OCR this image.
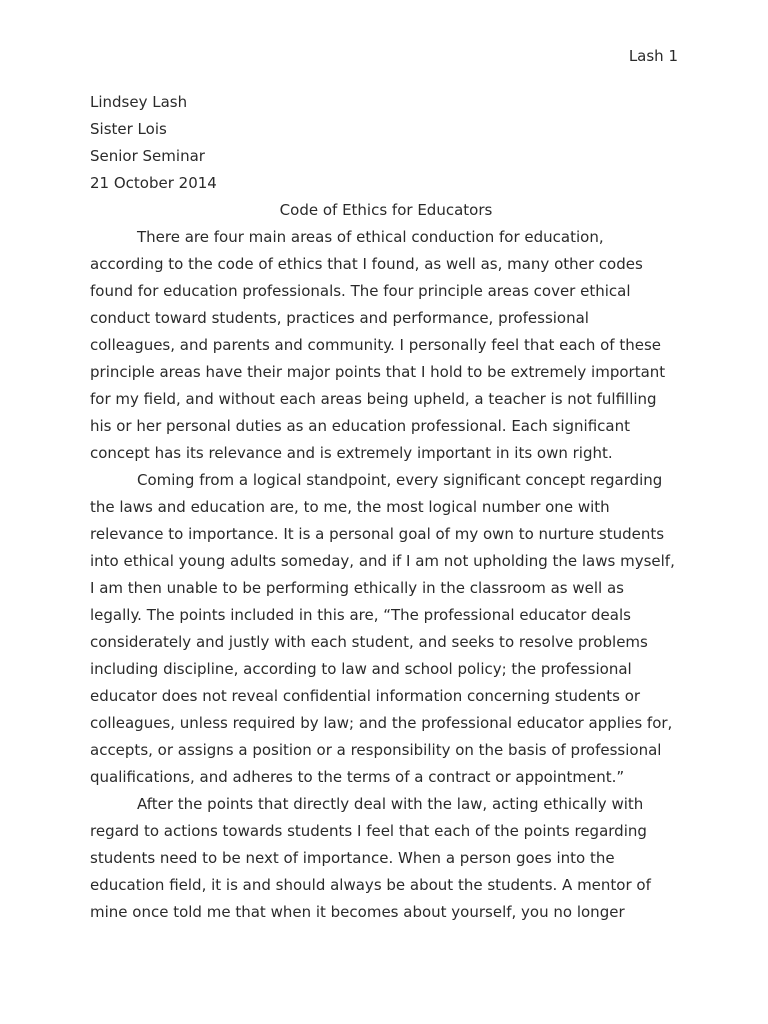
Lash 1
Lindsey Lash
Sister Lois
Senior Seminar
21 October 2014
Code of Ethics for Educators
There are four main areas of ethical conduction for education,
according to the code of ethics that I found, as well as, many other codes
found for education professionals. The four principle areas cover ethical
conduct toward students, practices and performance, professional
colleagues, and parents and community. I personally feel that each of these
principle areas have their major points that I hold to be extremely important
for my field, and without each areas being upheld, a teacher is not fulfilling
his or her personal duties as an education professional. Each significant
concept has its relevance and is extremely important in its own right.
Coming from a logical standpoint, every significant concept regarding
the laws and education are, to me, the most logical number one with
relevance to importance. It is a personal goal of my own to nurture students
into ethical young adults someday, and if I am not upholding the laws myself,
I am then unable to be performing ethically in the classroom as well as
legally. The points included in this are, “The professional educator deals
considerately and justly with each student, and seeks to resolve problems
including discipline, according to law and school policy; the professional
educator does not reveal confidential information concerning students or
colleagues, unless required by law; and the professional educator applies for,
accepts, or assigns a position or a responsibility on the basis of professional
qualifications, and adheres to the terms of a contract or appointment.”
After the points that directly deal with the law, acting ethically with
regard to actions towards students I feel that each of the points regarding
students need to be next of importance. When a person goes into the
education field, it is and should always be about the students. A mentor of
mine once told me that when it becomes about yourself, you no longer
